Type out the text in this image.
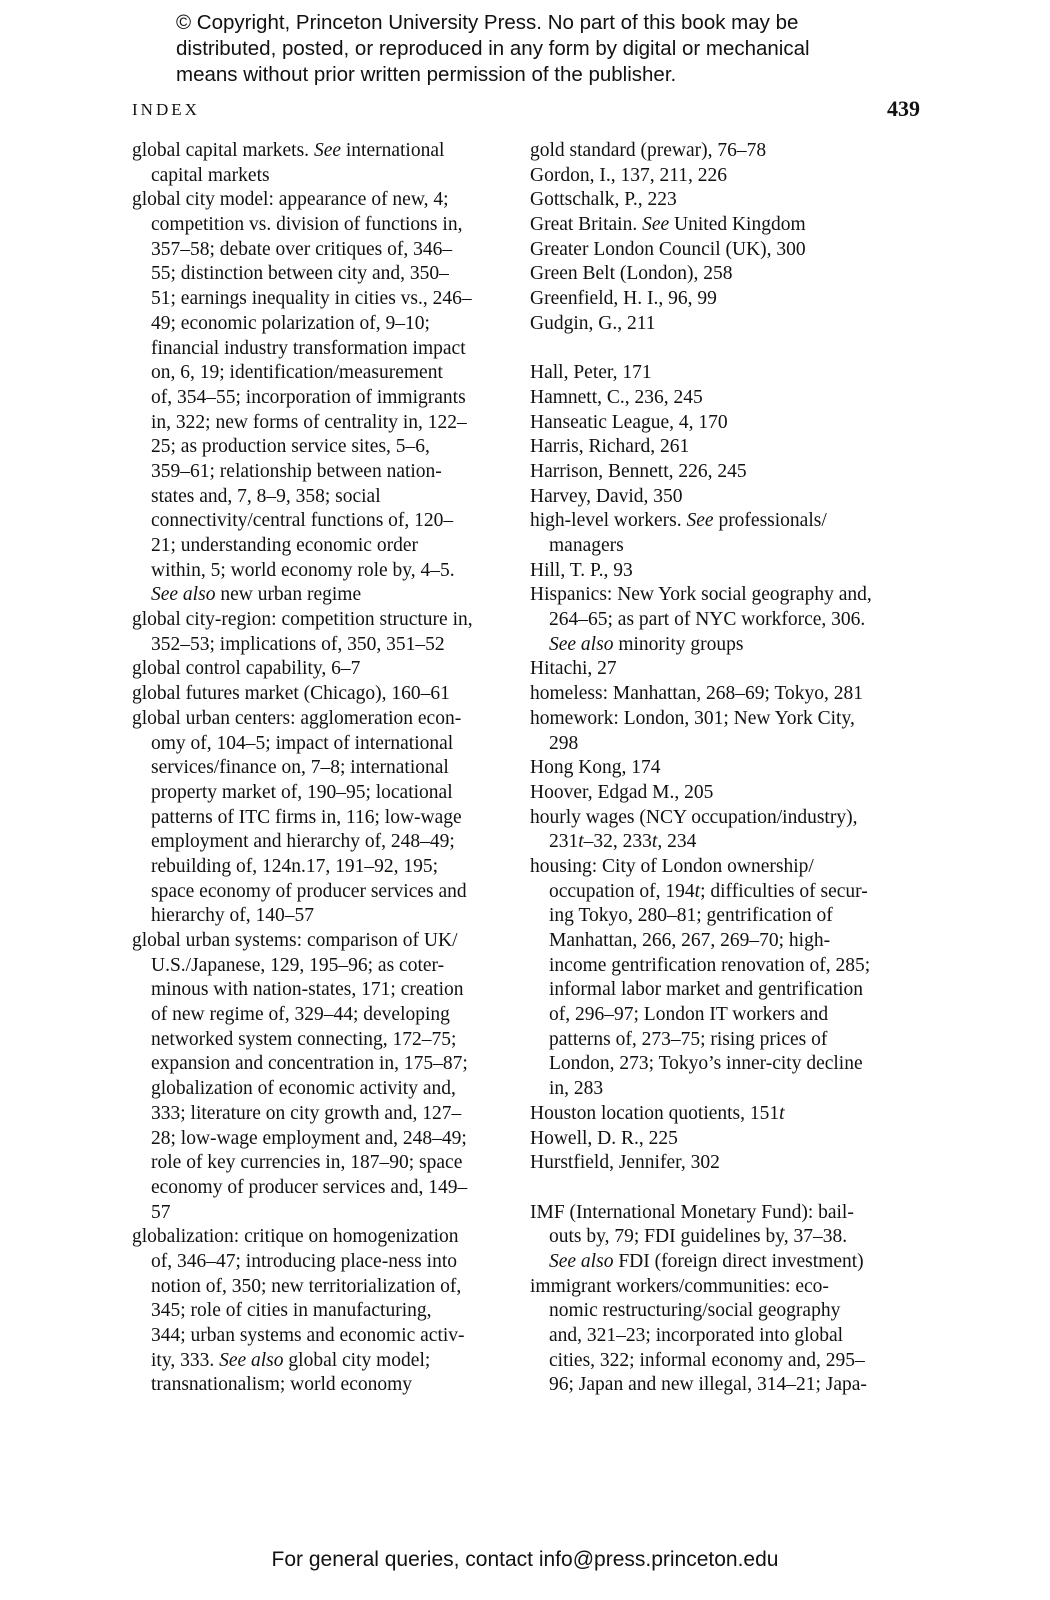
© Copyright, Princeton University Press. No part of this book may be
distributed, posted, or reproduced in any form by digital or mechanical
means without prior written permission of the publisher.
INDEX	439
global capital markets. See international
capital markets
global city model: appearance of new, 4;
competition vs. division of functions in,
357–58; debate over critiques of, 346–
55; distinction between city and, 350–
51; earnings inequality in cities vs., 246–
49; economic polarization of, 9–10;
financial industry transformation impact
on, 6, 19; identification/measurement
of, 354–55; incorporation of immigrants
in, 322; new forms of centrality in, 122–
25; as production service sites, 5–6,
359–61; relationship between nation-
states and, 7, 8–9, 358; social
connectivity/central functions of, 120–
21; understanding economic order
within, 5; world economy role by, 4–5.
See also new urban regime
global city-region: competition structure in,
352–53; implications of, 350, 351–52
global control capability, 6–7
global futures market (Chicago), 160–61
global urban centers: agglomeration econ-
omy of, 104–5; impact of international
services/finance on, 7–8; international
property market of, 190–95; locational
patterns of ITC firms in, 116; low-wage
employment and hierarchy of, 248–49;
rebuilding of, 124n.17, 191–92, 195;
space economy of producer services and
hierarchy of, 140–57
global urban systems: comparison of UK/
U.S./Japanese, 129, 195–96; as coter-
minous with nation-states, 171; creation
of new regime of, 329–44; developing
networked system connecting, 172–75;
expansion and concentration in, 175–87;
globalization of economic activity and,
333; literature on city growth and, 127–
28; low-wage employment and, 248–49;
role of key currencies in, 187–90; space
economy of producer services and, 149–
57
globalization: critique on homogenization
of, 346–47; introducing place-ness into
notion of, 350; new territorialization of,
345; role of cities in manufacturing,
344; urban systems and economic activ-
ity, 333. See also global city model;
transnationalism; world economy
gold standard (prewar), 76–78
Gordon, I., 137, 211, 226
Gottschalk, P., 223
Great Britain. See United Kingdom
Greater London Council (UK), 300
Green Belt (London), 258
Greenfield, H. I., 96, 99
Gudgin, G., 211
Hall, Peter, 171
Hamnett, C., 236, 245
Hanseatic League, 4, 170
Harris, Richard, 261
Harrison, Bennett, 226, 245
Harvey, David, 350
high-level workers. See professionals/
managers
Hill, T. P., 93
Hispanics: New York social geography and,
264–65; as part of NYC workforce, 306.
See also minority groups
Hitachi, 27
homeless: Manhattan, 268–69; Tokyo, 281
homework: London, 301; New York City,
298
Hong Kong, 174
Hoover, Edgad M., 205
hourly wages (NCY occupation/industry),
231t–32, 233t, 234
housing: City of London ownership/
occupation of, 194t; difficulties of secur-
ing Tokyo, 280–81; gentrification of
Manhattan, 266, 267, 269–70; high-
income gentrification renovation of, 285;
informal labor market and gentrification
of, 296–97; London IT workers and
patterns of, 273–75; rising prices of
London, 273; Tokyo’s inner-city decline
in, 283
Houston location quotients, 151t
Howell, D. R., 225
Hurstfield, Jennifer, 302
IMF (International Monetary Fund): bail-
outs by, 79; FDI guidelines by, 37–38.
See also FDI (foreign direct investment)
immigrant workers/communities: eco-
nomic restructuring/social geography
and, 321–23; incorporated into global
cities, 322; informal economy and, 295–
96; Japan and new illegal, 314–21; Japa-
For general queries, contact info@press.princeton.edu
